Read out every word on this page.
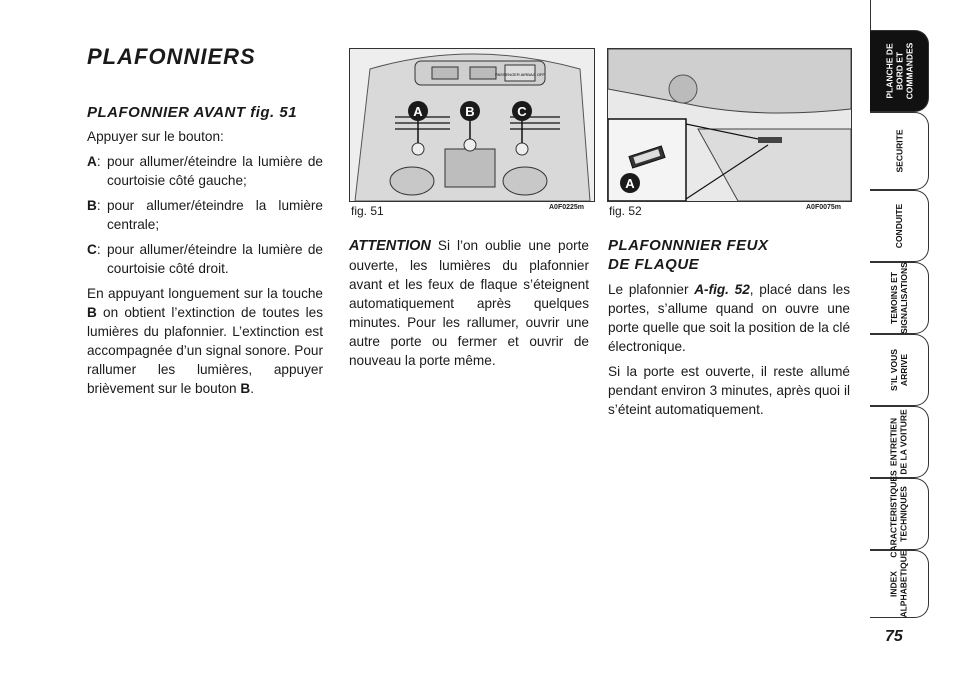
PLAFONNIERS
PLAFONNIER AVANT fig. 51

Appuyer sur le bouton:

A: pour allumer/éteindre la lumière de courtoisie côté gauche;
B: pour allumer/éteindre la lumière centrale;
C: pour allumer/éteindre la lumière de courtoisie côté droit.

En appuyant longuement sur la touche B on obtient l’extinction de toutes les lumières du plafonnier. L’extinction est accompagnée d’un signal sonore. Pour rallumer les lumières, appuyer brièvement sur le bouton B.

PASSENGER AIRBAG OFF
A	B	C
fig. 51	A0F0225m

ATTENTION Si l’on oublie une porte ouverte, les lumières du plafonnier avant et les feux de flaque s’éteignent automatiquement après quelques minutes. Pour les rallumer, ouvrir une autre porte ou fermer et ouvrir de nouveau la porte même.

A
fig. 52	A0F0075m
PLAFONNNIER FEUX
DE FLAQUE

Le plafonnier A-fig. 52, placé dans les portes, s’allume quand on ouvre une porte quelle que soit la position de la clé électronique.

Si la porte est ouverte, il reste allumé pendant environ 3 minutes, après quoi il s’éteint automatiquement.

PLANCHE DE
BORD ET
COMMANDES
SECURITE
CONDUITE
TEMOINS ET
SIGNALISATIONS
S’IL VOUS
ARRIVE
ENTRETIEN
DE LA VOITURE
CARACTERISTIQUES
TECHNIQUES
INDEX
ALPHABETIQUE
75
